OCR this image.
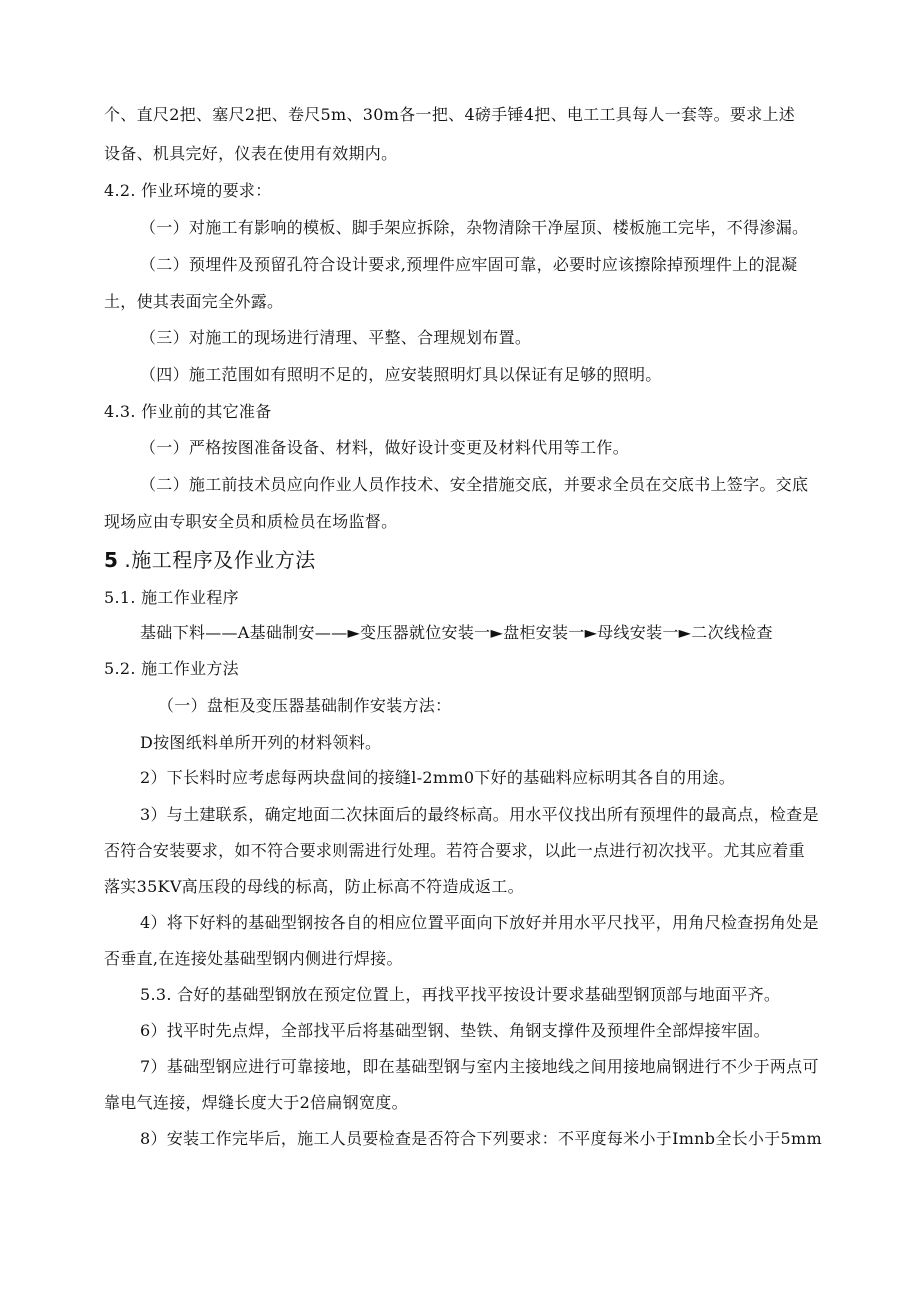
个、直尺2把、塞尺2把、卷尺5m、30m各一把、4磅手锤4把、电工工具每人一套等。要求上述
设备、机具完好，仪表在使用有效期内。
4.2. 作业环境的要求：
（一）对施工有影响的模板、脚手架应拆除，杂物清除干净屋顶、楼板施工完毕，不得渗漏。
（二）预埋件及预留孔符合设计要求,预埋件应牢固可靠，必要时应该擦除掉预埋件上的混凝
土，使其表面完全外露。
（三）对施工的现场进行清理、平整、合理规划布置。
（四）施工范围如有照明不足的，应安装照明灯具以保证有足够的照明。
4.3. 作业前的其它准备
（一）严格按图准备设备、材料，做好设计变更及材料代用等工作。
（二）施工前技术员应向作业人员作技术、安全措施交底，并要求全员在交底书上签字。交底
现场应由专职安全员和质检员在场监督。
5 .施工程序及作业方法
5.1. 施工作业程序
基础下料——A基础制安——►变压器就位安装一►盘柜安装一►母线安装一►二次线检查
5.2. 施工作业方法
（一）盘柜及变压器基础制作安装方法：
D按图纸料单所开列的材料领料。
2）下长料时应考虑每两块盘间的接缝l-2mm0下好的基础料应标明其各自的用途。
3）与土建联系，确定地面二次抹面后的最终标高。用水平仪找出所有预埋件的最高点，检查是
否符合安装要求，如不符合要求则需进行处理。若符合要求，以此一点进行初次找平。尤其应着重
落实35KV高压段的母线的标高，防止标高不符造成返工。
4）将下好料的基础型钢按各自的相应位置平面向下放好并用水平尺找平，用角尺检查拐角处是
否垂直,在连接处基础型钢内侧进行焊接。
5.3. 合好的基础型钢放在预定位置上，再找平找平按设计要求基础型钢顶部与地面平齐。
6）找平时先点焊，全部找平后将基础型钢、垫铁、角钢支撑件及预埋件全部焊接牢固。
7）基础型钢应进行可靠接地，即在基础型钢与室内主接地线之间用接地扁钢进行不少于两点可
靠电气连接，焊缝长度大于2倍扁钢宽度。
8）安装工作完毕后，施工人员要检查是否符合下列要求：不平度每米小于Imnb全长小于5mm
